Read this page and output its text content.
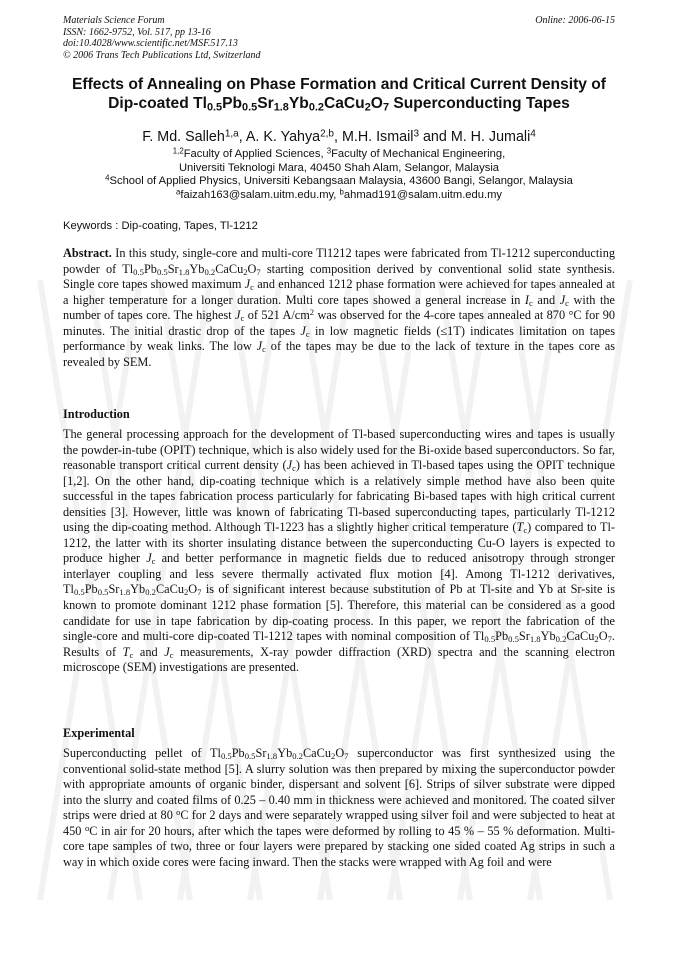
Materials Science Forum
ISSN: 1662-9752, Vol. 517, pp 13-16
doi:10.4028/www.scientific.net/MSF.517.13
© 2006 Trans Tech Publications Ltd, Switzerland
Online: 2006-06-15
Effects of Annealing on Phase Formation and Critical Current Density of
Dip-coated $Tl_{0.5}Pb_{0.5}Sr_{1.8}Yb_{0.2}CaCu_2O_7$ Superconducting Tapes
F. Md. Salleh$^{1,a}$, A. K. Yahya$^{2,b}$, M.H. Ismail$^3$ and M. H. Jumali$^4$
$^{1,2}$Faculty of Applied Sciences, $^3$Faculty of Mechanical Engineering,
Universiti Teknologi Mara, 40450 Shah Alam, Selangor, Malaysia
$^4$School of Applied Physics, Universiti Kebangsaan Malaysia, 43600 Bangi, Selangor, Malaysia
$^a$faizah163@salam.uitm.edu.my, $^b$ahmad191@salam.uitm.edu.my
Keywords : Dip-coating, Tapes, Tl-1212

Abstract. In this study, single-core and multi-core Tl1212 tapes were fabricated from Tl-1212 superconducting powder of $Tl_{0.5}Pb_{0.5}Sr_{1.8}Yb_{0.2}CaCu_2O_7$ starting composition derived by conventional solid state synthesis. Single core tapes showed maximum $J_c$ and enhanced 1212 phase formation were achieved for tapes annealed at a higher temperature for a longer duration. Multi core tapes showed a general increase in $I_c$ and $J_c$ with the number of tapes core. The highest $J_c$ of 521 $A/cm^2$ was observed for the 4-core tapes annealed at 870 °C for 90 minutes. The initial drastic drop of the tapes $J_c$ in low magnetic fields (≤1T) indicates limitation on tapes performance by weak links. The low $J_c$ of the tapes may be due to the lack of texture in the tapes core as revealed by SEM.

Introduction

The general processing approach for the development of Tl-based superconducting wires and tapes is usually the powder-in-tube (OPIT) technique, which is also widely used for the Bi-oxide based superconductors. So far, reasonable transport critical current density $(J_c)$ has been achieved in Tl-based tapes using the OPIT technique [1,2]. On the other hand, dip-coating technique which is a relatively simple method have also been quite successful in the tapes fabrication process particularly for fabricating Bi-based tapes with high critical current densities [3]. However, little was known of fabricating Tl-based superconducting tapes, particularly Tl-1212 using the dip-coating method. Although Tl-1223 has a slightly higher critical temperature $(T_c)$ compared to Tl-1212, the latter with its shorter insulating distance between the superconducting Cu-O layers is expected to produce higher $J_c$ and better performance in magnetic fields due to reduced anisotropy through stronger interlayer coupling and less severe thermally activated flux motion [4]. Among Tl-1212 derivatives, $Tl_{0.5}Pb_{0.5}Sr_{1.8}Yb_{0.2}CaCu_2O_7$ is of significant interest because substitution of Pb at Tl-site and Yb at Sr-site is known to promote dominant 1212 phase formation [5]. Therefore, this material can be considered as a good candidate for use in tape fabrication by dip-coating process. In this paper, we report the fabrication of the single-core and multi-core dip-coated Tl-1212 tapes with nominal composition of $Tl_{0.5}Pb_{0.5}Sr_{1.8}Yb_{0.2}CaCu_2O_7$. Results of $T_c$ and $J_c$ measurements, X-ray powder diffraction (XRD) spectra and the scanning electron microscope (SEM) investigations are presented.

Experimental

Superconducting pellet of $Tl_{0.5}Pb_{0.5}Sr_{1.8}Yb_{0.2}CaCu_2O_7$ superconductor was first synthesized using the conventional solid-state method [5]. A slurry solution was then prepared by mixing the superconductor powder with appropriate amounts of organic binder, dispersant and solvent [6]. Strips of silver substrate were dipped into the slurry and coated films of 0.25 – 0.40 mm in thickness were achieved and monitored. The coated silver strips were dried at 80 $^o$C for 2 days and were separately wrapped using silver foil and were subjected to heat at 450 $^o$C in air for 20 hours, after which the tapes were deformed by rolling to 45 % – 55 % deformation. Multi-core tape samples of two, three or four layers were prepared by stacking one sided coated Ag strips in such a way in which oxide cores were facing inward. Then the stacks were wrapped with Ag foil and were
